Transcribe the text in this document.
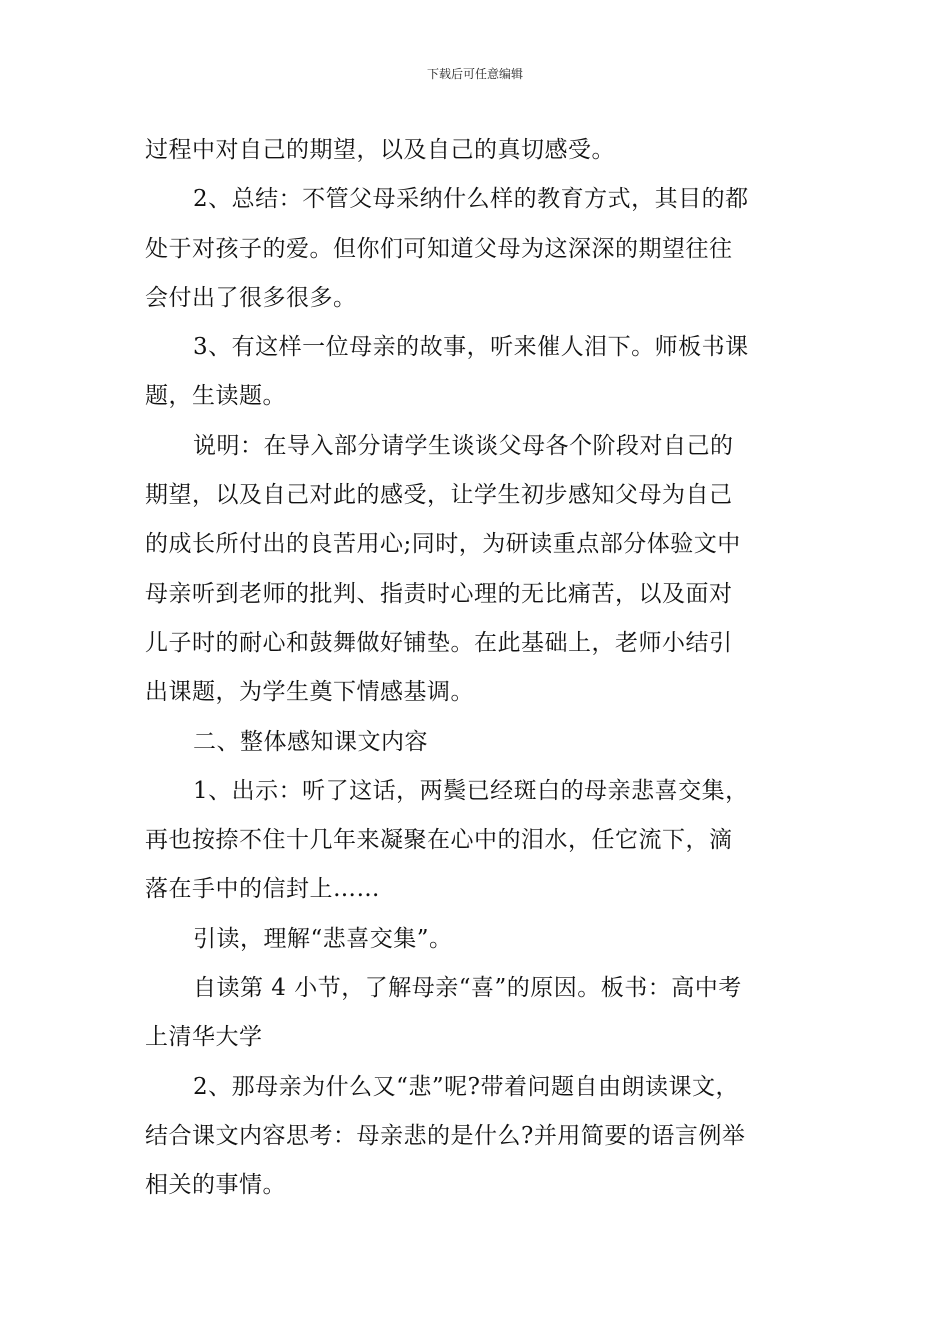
下载后可任意编辑
过程中对自己的期望，以及自己的真切感受。
2、总结：不管父母采纳什么样的教育方式，其目的都
处于对孩子的爱。但你们可知道父母为这深深的期望往往
会付出了很多很多。
3、有这样一位母亲的故事，听来催人泪下。师板书课
题，生读题。
说明：在导入部分请学生谈谈父母各个阶段对自己的
期望，以及自己对此的感受，让学生初步感知父母为自己
的成长所付出的良苦用心;同时，为研读重点部分体验文中
母亲听到老师的批判、指责时心理的无比痛苦，以及面对
儿子时的耐心和鼓舞做好铺垫。在此基础上，老师小结引
出课题，为学生奠下情感基调。
二、整体感知课文内容
1、出示：听了这话，两鬓已经斑白的母亲悲喜交集，
再也按捺不住十几年来凝聚在心中的泪水，任它流下，滴
落在手中的信封上……
引读，理解“悲喜交集”。
自读第 4 小节，了解母亲“喜”的原因。板书：高中考
上清华大学
2、那母亲为什么又“悲”呢?带着问题自由朗读课文，
结合课文内容思考：母亲悲的是什么?并用简要的语言例举
相关的事情。
